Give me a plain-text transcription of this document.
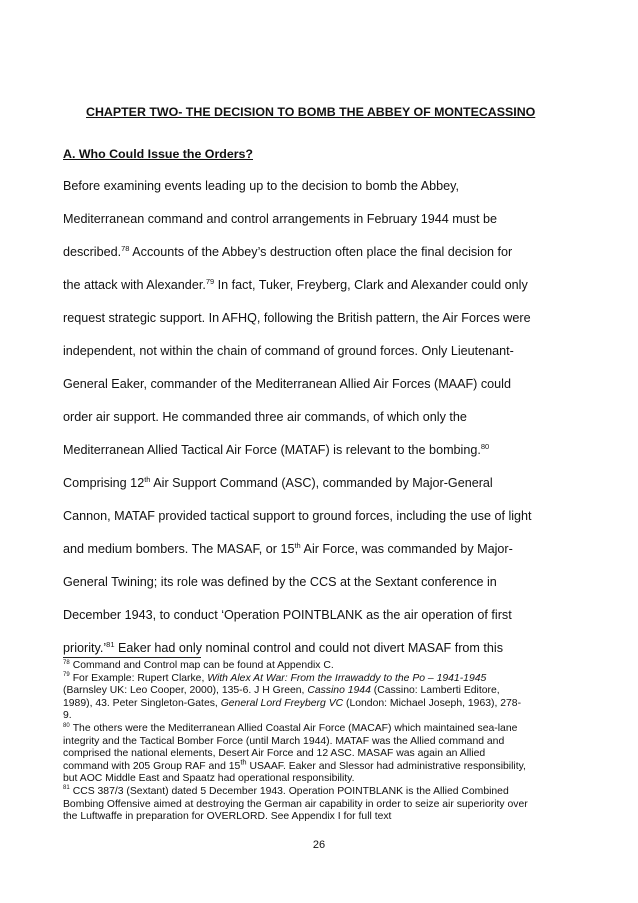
CHAPTER TWO- THE DECISION TO BOMB THE ABBEY OF MONTECASSINO
A. Who Could Issue the Orders?
Before examining events leading up to the decision to bomb the Abbey,
Mediterranean command and control arrangements in February 1944 must be
described.$^{78}$ Accounts of the Abbey’s destruction often place the final decision for
the attack with Alexander.$^{79}$ In fact, Tuker, Freyberg, Clark and Alexander could only
request strategic support. In AFHQ, following the British pattern, the Air Forces were
independent, not within the chain of command of ground forces. Only Lieutenant-
General Eaker, commander of the Mediterranean Allied Air Forces (MAAF) could
order air support. He commanded three air commands, of which only the
Mediterranean Allied Tactical Air Force (MATAF) is relevant to the bombing.$^{80}$
Comprising 12th Air Support Command (ASC), commanded by Major-General
Cannon, MATAF provided tactical support to ground forces, including the use of light
and medium bombers. The MASAF, or 15th Air Force, was commanded by Major-
General Twining; its role was defined by the CCS at the Sextant conference in
December 1943, to conduct ‘Operation POINTBLANK as the air operation of first
priority.’$^{81}$ Eaker had only nominal control and could not divert MASAF from this
$^{78}$ Command and Control map can be found at Appendix C.
$^{79}$ For Example: Rupert Clarke, With Alex At War: From the Irrawaddy to the Po – 1941-1945
(Barnsley UK: Leo Cooper, 2000), 135-6. J H Green, Cassino 1944 (Cassino: Lamberti Editore,
1989), 43. Peter Singleton-Gates, General Lord Freyberg VC (London: Michael Joseph, 1963), 278-
9.
$^{80}$ The others were the Mediterranean Allied Coastal Air Force (MACAF) which maintained sea-lane
integrity and the Tactical Bomber Force (until March 1944). MATAF was the Allied command and
comprised the national elements, Desert Air Force and 12 ASC. MASAF was again an Allied
command with 205 Group RAF and 15th USAAF. Eaker and Slessor had administrative responsibility,
but AOC Middle East and Spaatz had operational responsibility.
$^{81}$ CCS 387/3 (Sextant) dated 5 December 1943. Operation POINTBLANK is the Allied Combined
Bombing Offensive aimed at destroying the German air capability in order to seize air superiority over
the Luftwaffe in preparation for OVERLORD. See Appendix I for full text
26
